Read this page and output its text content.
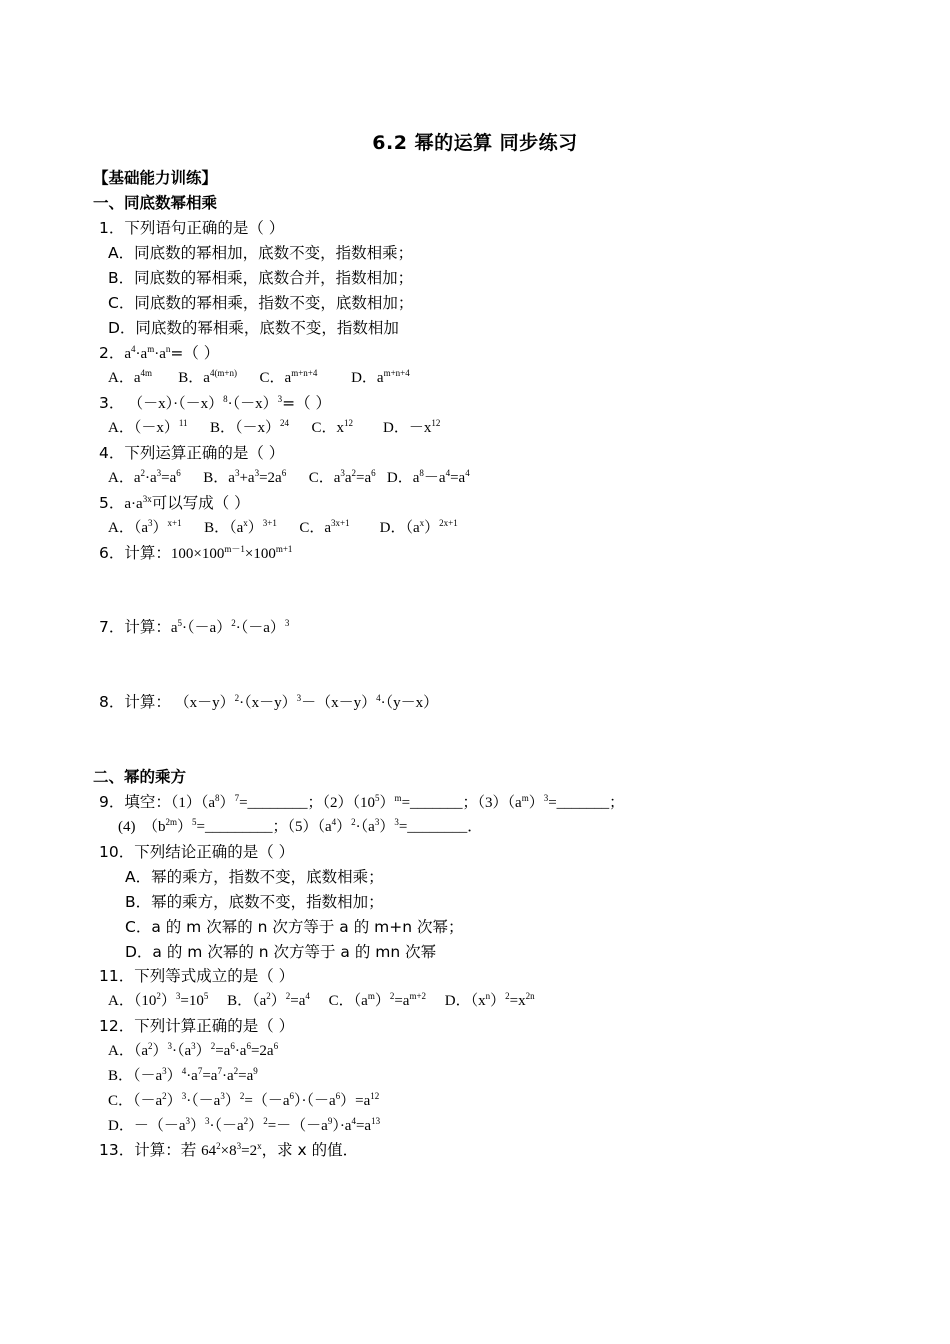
6.2 幂的运算 同步练习
【基础能力训练】
一、同底数幂相乘
1．下列语句正确的是（ ）
A．同底数的幂相加，底数不变，指数相乘；
B．同底数的幂相乘，底数合并，指数相加；
C．同底数的幂相乘，指数不变，底数相加；
D．同底数的幂相乘，底数不变，指数相加
2．$a^4\cdot a^m\cdot a^n=$（ ）
A．$a^{4m}$       B．$a^{4(m+n)}$      C．$a^{m+n+4}$         D．$a^{m+n+4}$
3． $(-x)\cdot(-x)^8\cdot(-x)^3=$（ ）
A．$(-x)^{11}$      B．$(-x)^{24}$      C．$x^{12}$        D．$-x^{12}$
4．下列运算正确的是（ ）
A．$a^2\cdot a^3=a^6$      B．$a^3+a^3=2a^6$      C．$a^3a^2=a^6$   D．$a^8-a^4=a^4$
5．$a\cdot a^{3x}$可以写成（ ）
A．$(a^3)^{x+1}$      B．$(a^x)^{3+1}$      C．$a^{3x+1}$        D．$(a^x)^{2x+1}$
6．计算：$100\times 100^{m-1}\times 100^{m+1}$
7．计算：$a^5\cdot(-a)^2\cdot(-a)^3$
8．计算： $(x-y)^2\cdot(x-y)^3-(x-y)^4\cdot(y-x)$
二、幂的乘方
9．填空：$(1)(a^8)^7=\_\_\_\_\_\_\_\_$；$(2)(10^5)^m=\_\_\_\_\_\_\_$；$(3)(a^m)^3=\_\_\_\_\_\_\_$；
(4)  $(b^{2m})^5=\_\_\_\_\_\_\_\_\_$；$(5)(a^4)^2\cdot(a^3)^3=\_\_\_\_\_\_\_\_$．
10．下列结论正确的是（ ）
A．幂的乘方，指数不变，底数相乘；
B．幂的乘方，底数不变，指数相加；
C．a 的 m 次幂的 n 次方等于 a 的 m+n 次幂；
D．a 的 m 次幂的 n 次方等于 a 的 mn 次幂
11．下列等式成立的是（ ）
A．$(10^2)^3=10^5$     B．$(a^2)^2=a^4$     C．$(a^m)^2=a^{m+2}$     D．$(x^n)^2=x^{2n}$
12．下列计算正确的是（ ）
A．$(a^2)^3\cdot(a^3)^2=a^6\cdot a^6=2a^6$
B．$(-a^3)^4\cdot a^7=a^7\cdot a^2=a^9$
C．$(-a^2)^3\cdot(-a^3)^2=(-a^6)\cdot(-a^6)=a^{12}$
D．$-(-a^3)^3\cdot(-a^2)^2=-(-a^9)\cdot a^4=a^{13}$
13．计算：若 $64^2\times 8^3=2^x$，求 x 的值．
